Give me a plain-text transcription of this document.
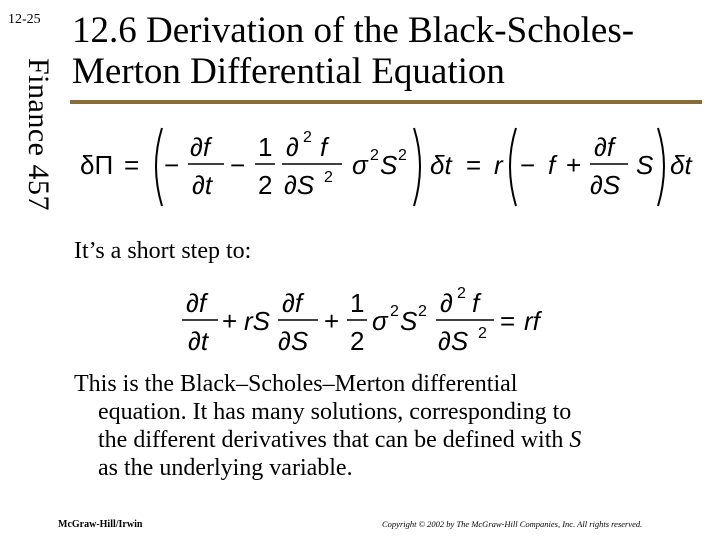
12-25
Finance 457
12.6 Derivation of the Black-Scholes-
Merton Differential Equation
δΠ = −
∂f
∂t
−
1
2
∂ 2 f
∂S 2 σ 2 S 2 δt = r − f +
∂f
∂S
S δt

It’s a short step to:

∂f
∂t
+ rS
∂f
∂S
+
1
2
σ 2 S 2 ∂ 2 f
∂S 2 = rf

This is the Black–Scholes–Merton differential
equation. It has many solutions, corresponding to
the different derivatives that can be defined with S
as the underlying variable.

McGraw-Hill/Irwin	Copyright © 2002 by The McGraw-Hill Companies, Inc. All rights reserved.
